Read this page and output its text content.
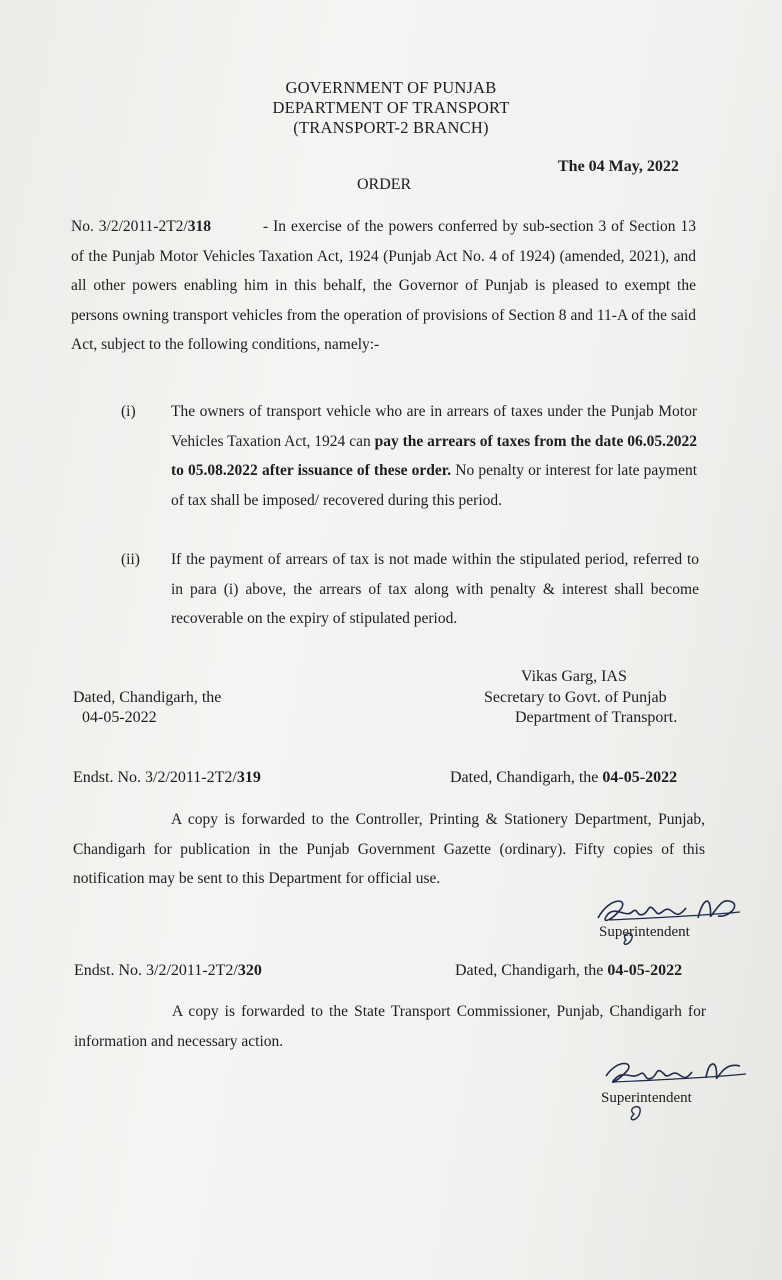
GOVERNMENT OF PUNJAB
DEPARTMENT OF TRANSPORT
(TRANSPORT-2 BRANCH)
The 04 May, 2022
ORDER
No. 3/2/2011-2T2/318	- In exercise of the powers conferred by sub-section 3 of Section 13 of the Punjab Motor Vehicles Taxation Act, 1924 (Punjab Act No. 4 of 1924) (amended, 2021), and all other powers enabling him in this behalf, the Governor of Punjab is pleased to exempt the persons owning transport vehicles from the operation of provisions of Section 8 and 11-A of the said Act, subject to the following conditions, namely:-
(i) The owners of transport vehicle who are in arrears of taxes under the Punjab Motor Vehicles Taxation Act, 1924 can pay the arrears of taxes from the date 06.05.2022 to 05.08.2022 after issuance of these order. No penalty or interest for late payment of tax shall be imposed/ recovered during this period.
(ii) If the payment of arrears of tax is not made within the stipulated period, referred to in para (i) above, the arrears of tax along with penalty & interest shall become recoverable on the expiry of stipulated period.
Vikas Garg, IAS
Secretary to Govt. of Punjab
Department of Transport.
Dated, Chandigarh, the
04-05-2022
Endst. No. 3/2/2011-2T2/319	Dated, Chandigarh, the 04-05-2022
A copy is forwarded to the Controller, Printing & Stationery Department, Punjab, Chandigarh for publication in the Punjab Government Gazette (ordinary). Fifty copies of this notification may be sent to this Department for official use.
Superintendent
Endst. No. 3/2/2011-2T2/320	Dated, Chandigarh, the 04-05-2022
A copy is forwarded to the State Transport Commissioner, Punjab, Chandigarh for information and necessary action.
Superintendent
